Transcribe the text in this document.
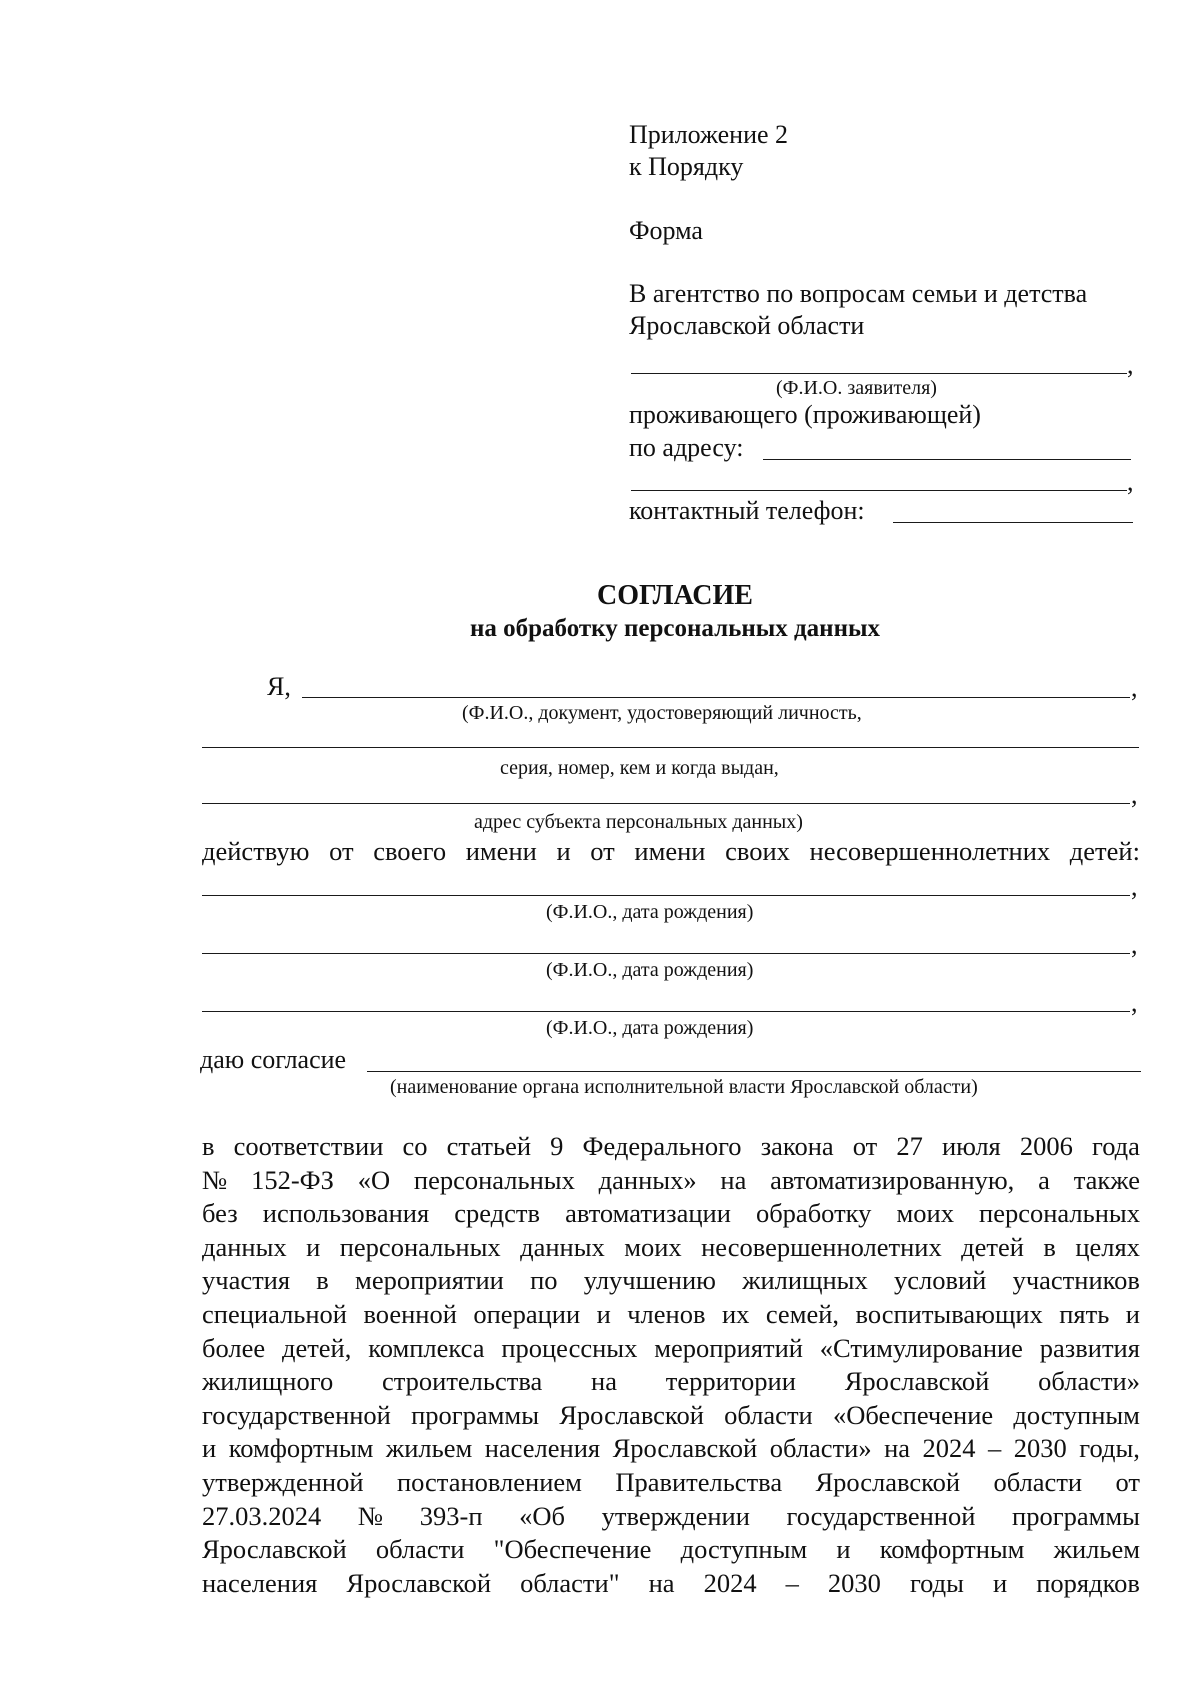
Приложение 2
к Порядку
Форма
В агентство по вопросам семьи и детства
Ярославской области
,
(Ф.И.О. заявителя)
проживающего (проживающей)
по адресу:
,
контактный телефон:
СОГЛАСИЕ
на обработку персональных данных
Я,	,
(Ф.И.О., документ, удостоверяющий личность,
серия, номер, кем и когда выдан,
,
адрес субъекта персональных данных)
действую от своего имени и от имени своих несовершеннолетних детей:
,
(Ф.И.О., дата рождения)
,
(Ф.И.О., дата рождения)
,
(Ф.И.О., дата рождения)
даю согласие
(наименование органа исполнительной власти Ярославской области)
в соответствии со статьей 9 Федерального закона от 27 июля 2006 года
№ 152-ФЗ «О персональных данных» на автоматизированную, а также
без использования средств автоматизации обработку моих персональных
данных и персональных данных моих несовершеннолетних детей в целях
участия в мероприятии по улучшению жилищных условий участников
специальной военной операции и членов их семей, воспитывающих пять и
более детей, комплекса процессных мероприятий «Стимулирование развития
жилищного строительства на территории Ярославской области»
государственной программы Ярославской области «Обеспечение доступным
и комфортным жильем населения Ярославской области» на 2024 – 2030 годы,
утвержденной постановлением Правительства Ярославской области от
27.03.2024 № 393-п «Об утверждении государственной программы
Ярославской области "Обеспечение доступным и комфортным жильем
населения Ярославской области" на 2024 – 2030 годы и порядков
